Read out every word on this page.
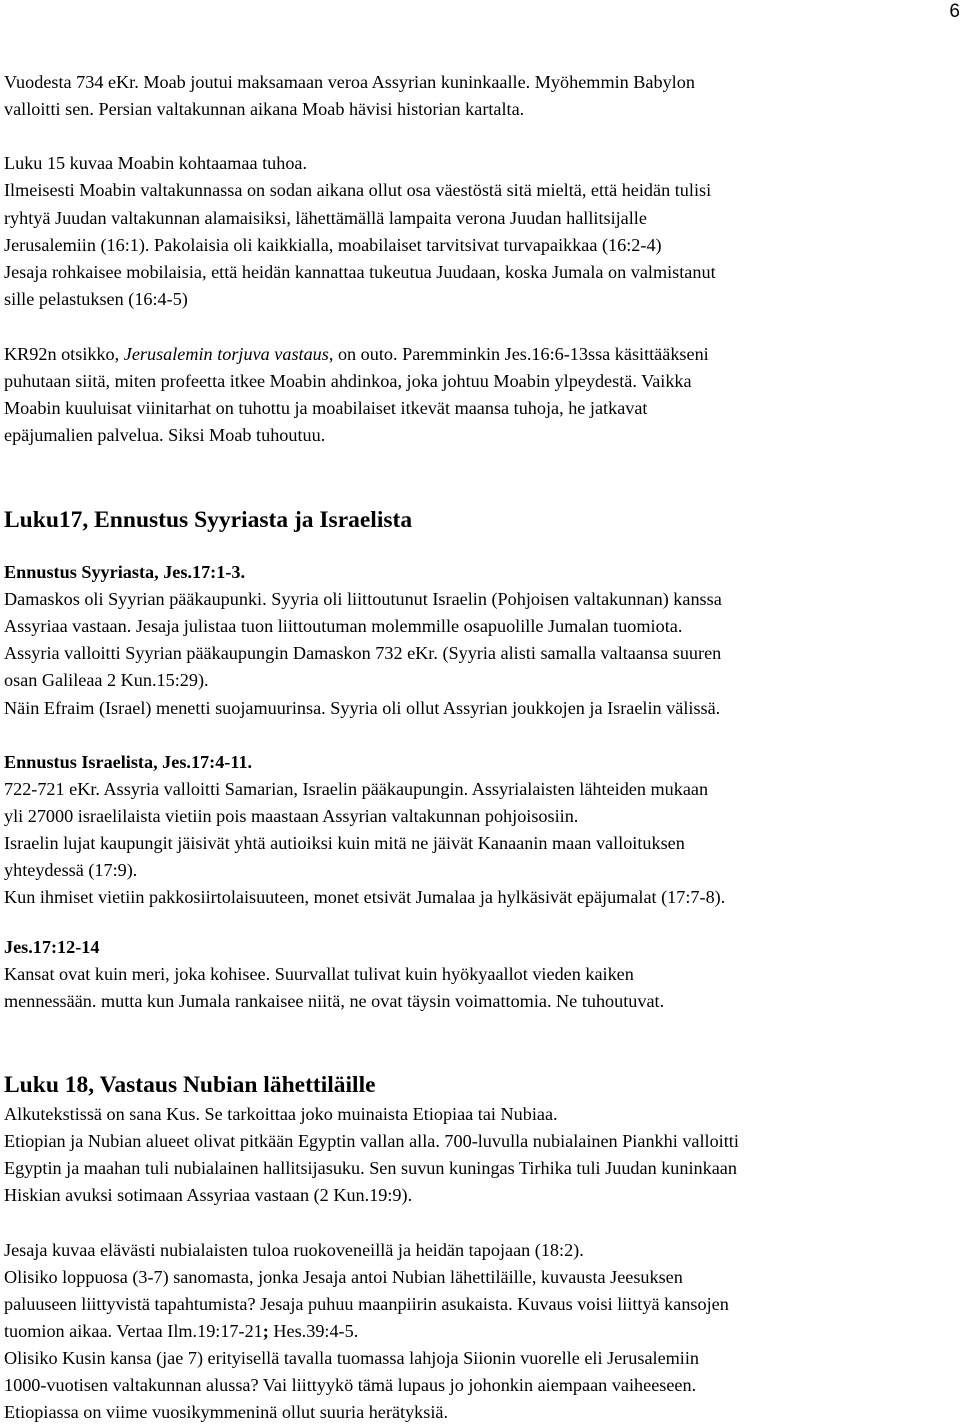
6
Vuodesta 734 eKr. Moab joutui maksamaan veroa Assyrian kuninkaalle. Myöhemmin Babylon
valloitti sen. Persian valtakunnan aikana Moab hävisi historian kartalta.
Luku 15 kuvaa Moabin kohtaamaa tuhoa.
Ilmeisesti Moabin valtakunnassa on sodan aikana ollut osa väestöstä sitä mieltä, että heidän tulisi
ryhtyä Juudan valtakunnan alamaisiksi, lähettämällä lampaita verona Juudan hallitsijalle
Jerusalemiin (16:1). Pakolaisia oli kaikkialla, moabilaiset tarvitsivat turvapaikkaa (16:2-4)
Jesaja rohkaisee mobilaisia, että heidän kannattaa tukeutua Juudaan, koska Jumala on valmistanut
sille pelastuksen (16:4-5)
KR92n otsikko, Jerusalemin torjuva vastaus, on outo. Paremminkin Jes.16:6-13ssa käsittääkseni
puhutaan siitä, miten profeetta itkee Moabin ahdinkoa, joka johtuu Moabin ylpeydestä. Vaikka
Moabin kuuluisat viinitarhat on tuhottu ja moabilaiset itkevät maansa tuhoja, he jatkavat
epäjumalien palvelua. Siksi Moab tuhoutuu.
Luku17, Ennustus Syyriasta ja Israelista
Ennustus Syyriasta, Jes.17:1-3.
Damaskos oli Syyrian pääkaupunki. Syyria oli liittoutunut Israelin (Pohjoisen valtakunnan) kanssa
Assyriaa vastaan. Jesaja julistaa tuon liittoutuman molemmille osapuolille Jumalan tuomiota.
Assyria valloitti Syyrian pääkaupungin Damaskon 732 eKr. (Syyria alisti samalla valtaansa suuren
osan Galileaa 2 Kun.15:29).
Näin Efraim (Israel) menetti suojamuurinsa. Syyria oli ollut Assyrian joukkojen ja Israelin välissä.
Ennustus Israelista, Jes.17:4-11.
722-721 eKr. Assyria valloitti Samarian, Israelin pääkaupungin. Assyrialaisten lähteiden mukaan
yli 27000 israelilaista vietiin pois maastaan Assyrian valtakunnan pohjoisosiin.
Israelin lujat kaupungit jäisivät yhtä autioiksi kuin mitä ne jäivät Kanaanin maan valloituksen
yhteydessä (17:9).
Kun ihmiset vietiin pakkosiirtolaisuuteen, monet etsivät Jumalaa ja hylkäsivät epäjumalat (17:7-8).
Jes.17:12-14
Kansat ovat kuin meri, joka kohisee. Suurvallat tulivat kuin hyökyaallot vieden kaiken
mennessään. mutta kun Jumala rankaisee niitä, ne ovat täysin voimattomia. Ne tuhoutuvat.
Luku 18, Vastaus Nubian lähettiläille
Alkutekstissä on sana Kus. Se tarkoittaa joko muinaista Etiopiaa tai Nubiaa.
Etiopian ja Nubian alueet olivat pitkään Egyptin vallan alla. 700-luvulla nubialainen Piankhi valloitti
Egyptin ja maahan tuli nubialainen hallitsijasuku. Sen suvun kuningas Tirhika tuli Juudan kuninkaan
Hiskian avuksi sotimaan Assyriaa vastaan (2 Kun.19:9).
Jesaja kuvaa elävästi nubialaisten tuloa ruokoveneillä ja heidän tapojaan (18:2).
Olisiko loppuosa (3-7) sanomasta, jonka Jesaja antoi Nubian lähettiläille, kuvausta Jeesuksen
paluuseen liittyvistä tapahtumista? Jesaja puhuu maanpiirin asukaista. Kuvaus voisi liittyä kansojen
tuomion aikaa. Vertaa Ilm.19:17-21; Hes.39:4-5.
Olisiko Kusin kansa (jae 7) erityisellä tavalla tuomassa lahjoja Siionin vuorelle eli Jerusalemiin
1000-vuotisen valtakunnan alussa? Vai liittyykö tämä lupaus jo johonkin aiempaan vaiheeseen.
Etiopiassa on viime vuosikymmeninä ollut suuria herätyksiä.
